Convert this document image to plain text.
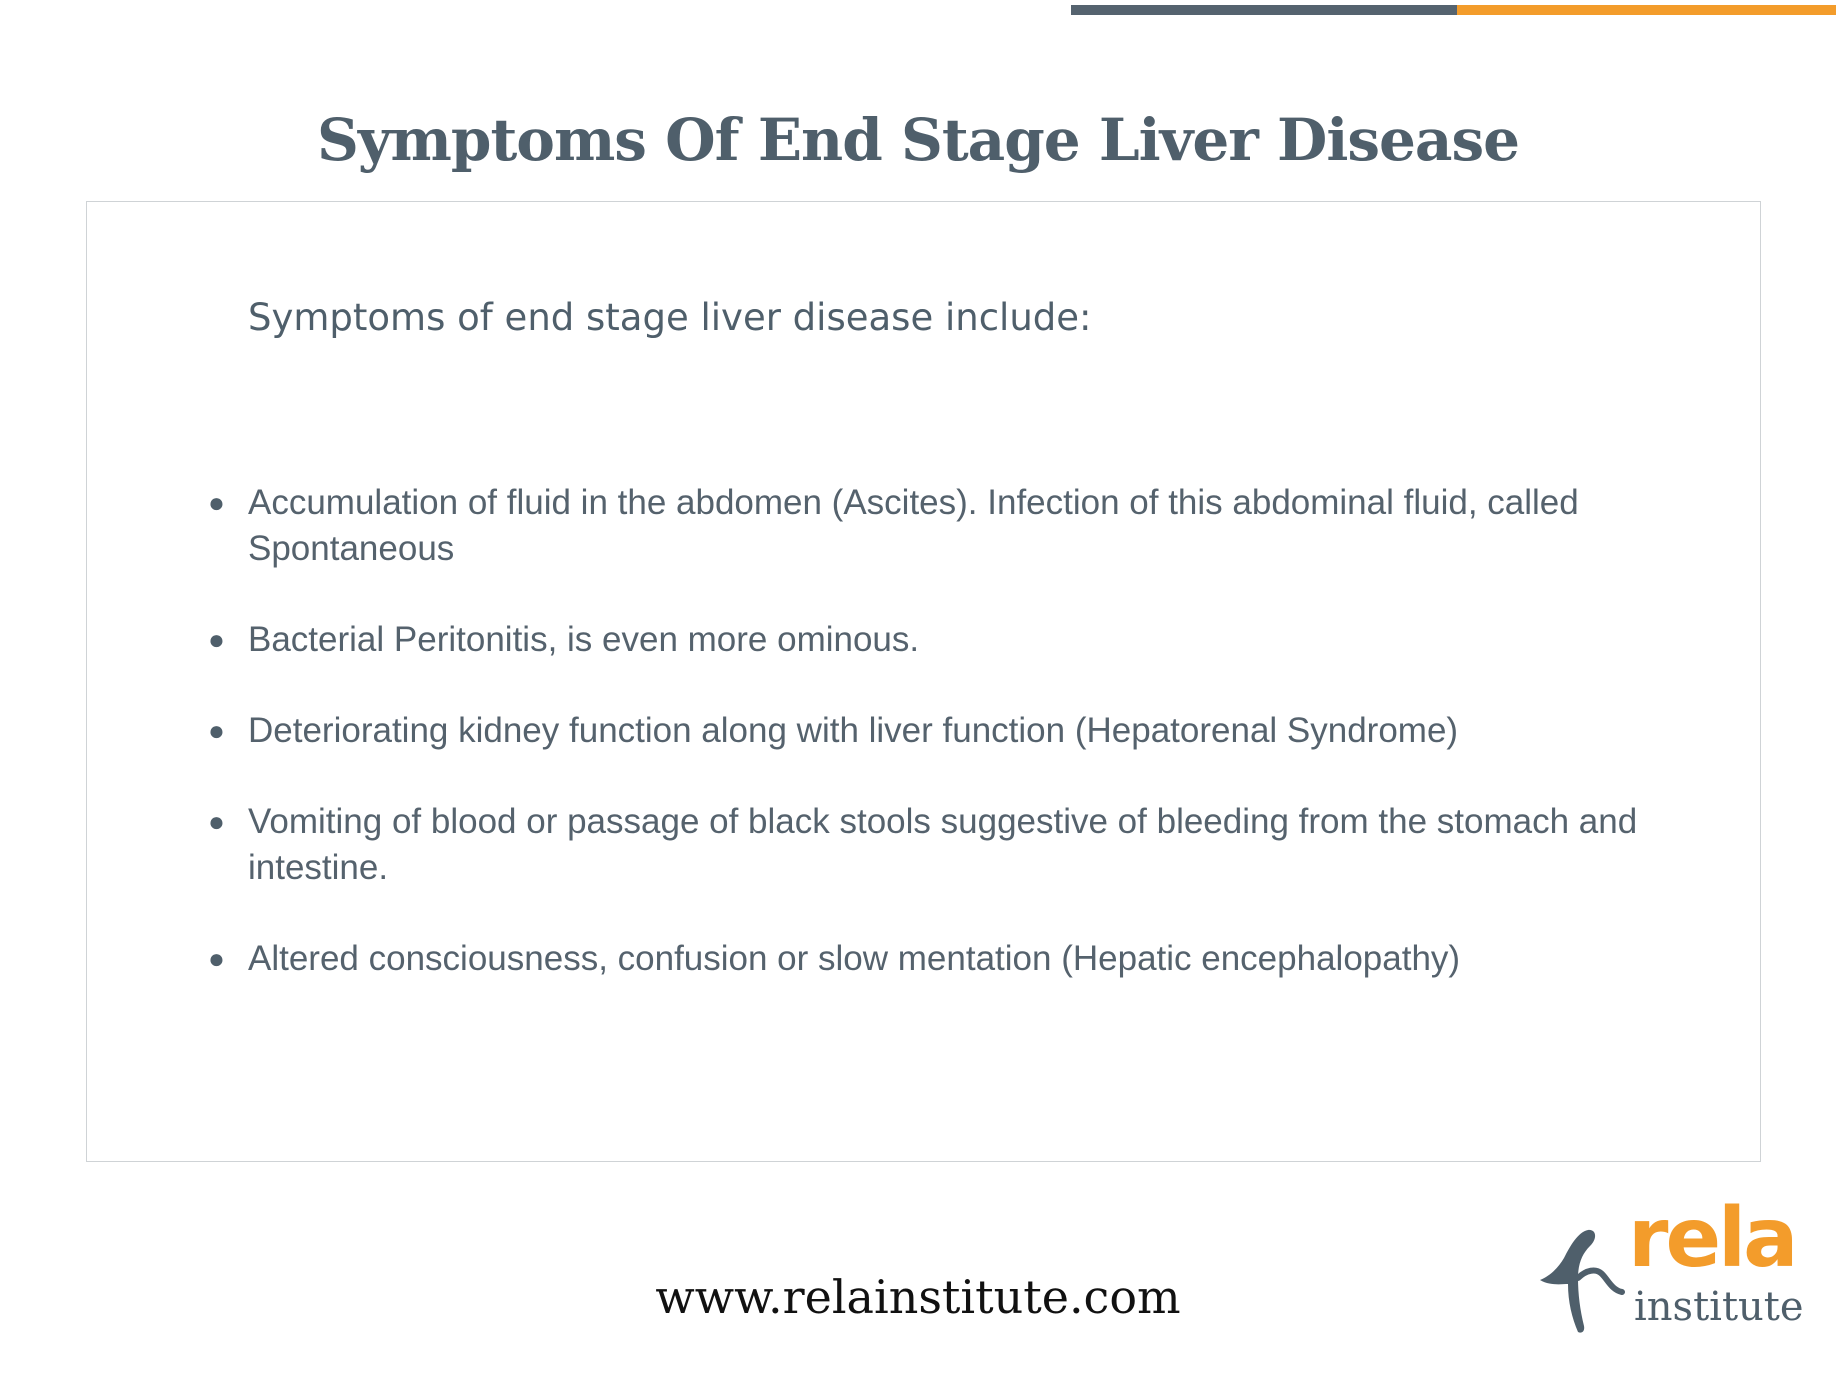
Symptoms Of End Stage Liver Disease

Symptoms of end stage liver disease include:

● Accumulation of fluid in the abdomen (Ascites). Infection of this abdominal fluid, called Spontaneous
● Bacterial Peritonitis, is even more ominous.
● Deteriorating kidney function along with liver function (Hepatorenal Syndrome)
● Vomiting of blood or passage of black stools suggestive of bleeding from the stomach and intestine.
● Altered consciousness, confusion or slow mentation (Hepatic encephalopathy)
www.relainstitute.com
rela
institute
